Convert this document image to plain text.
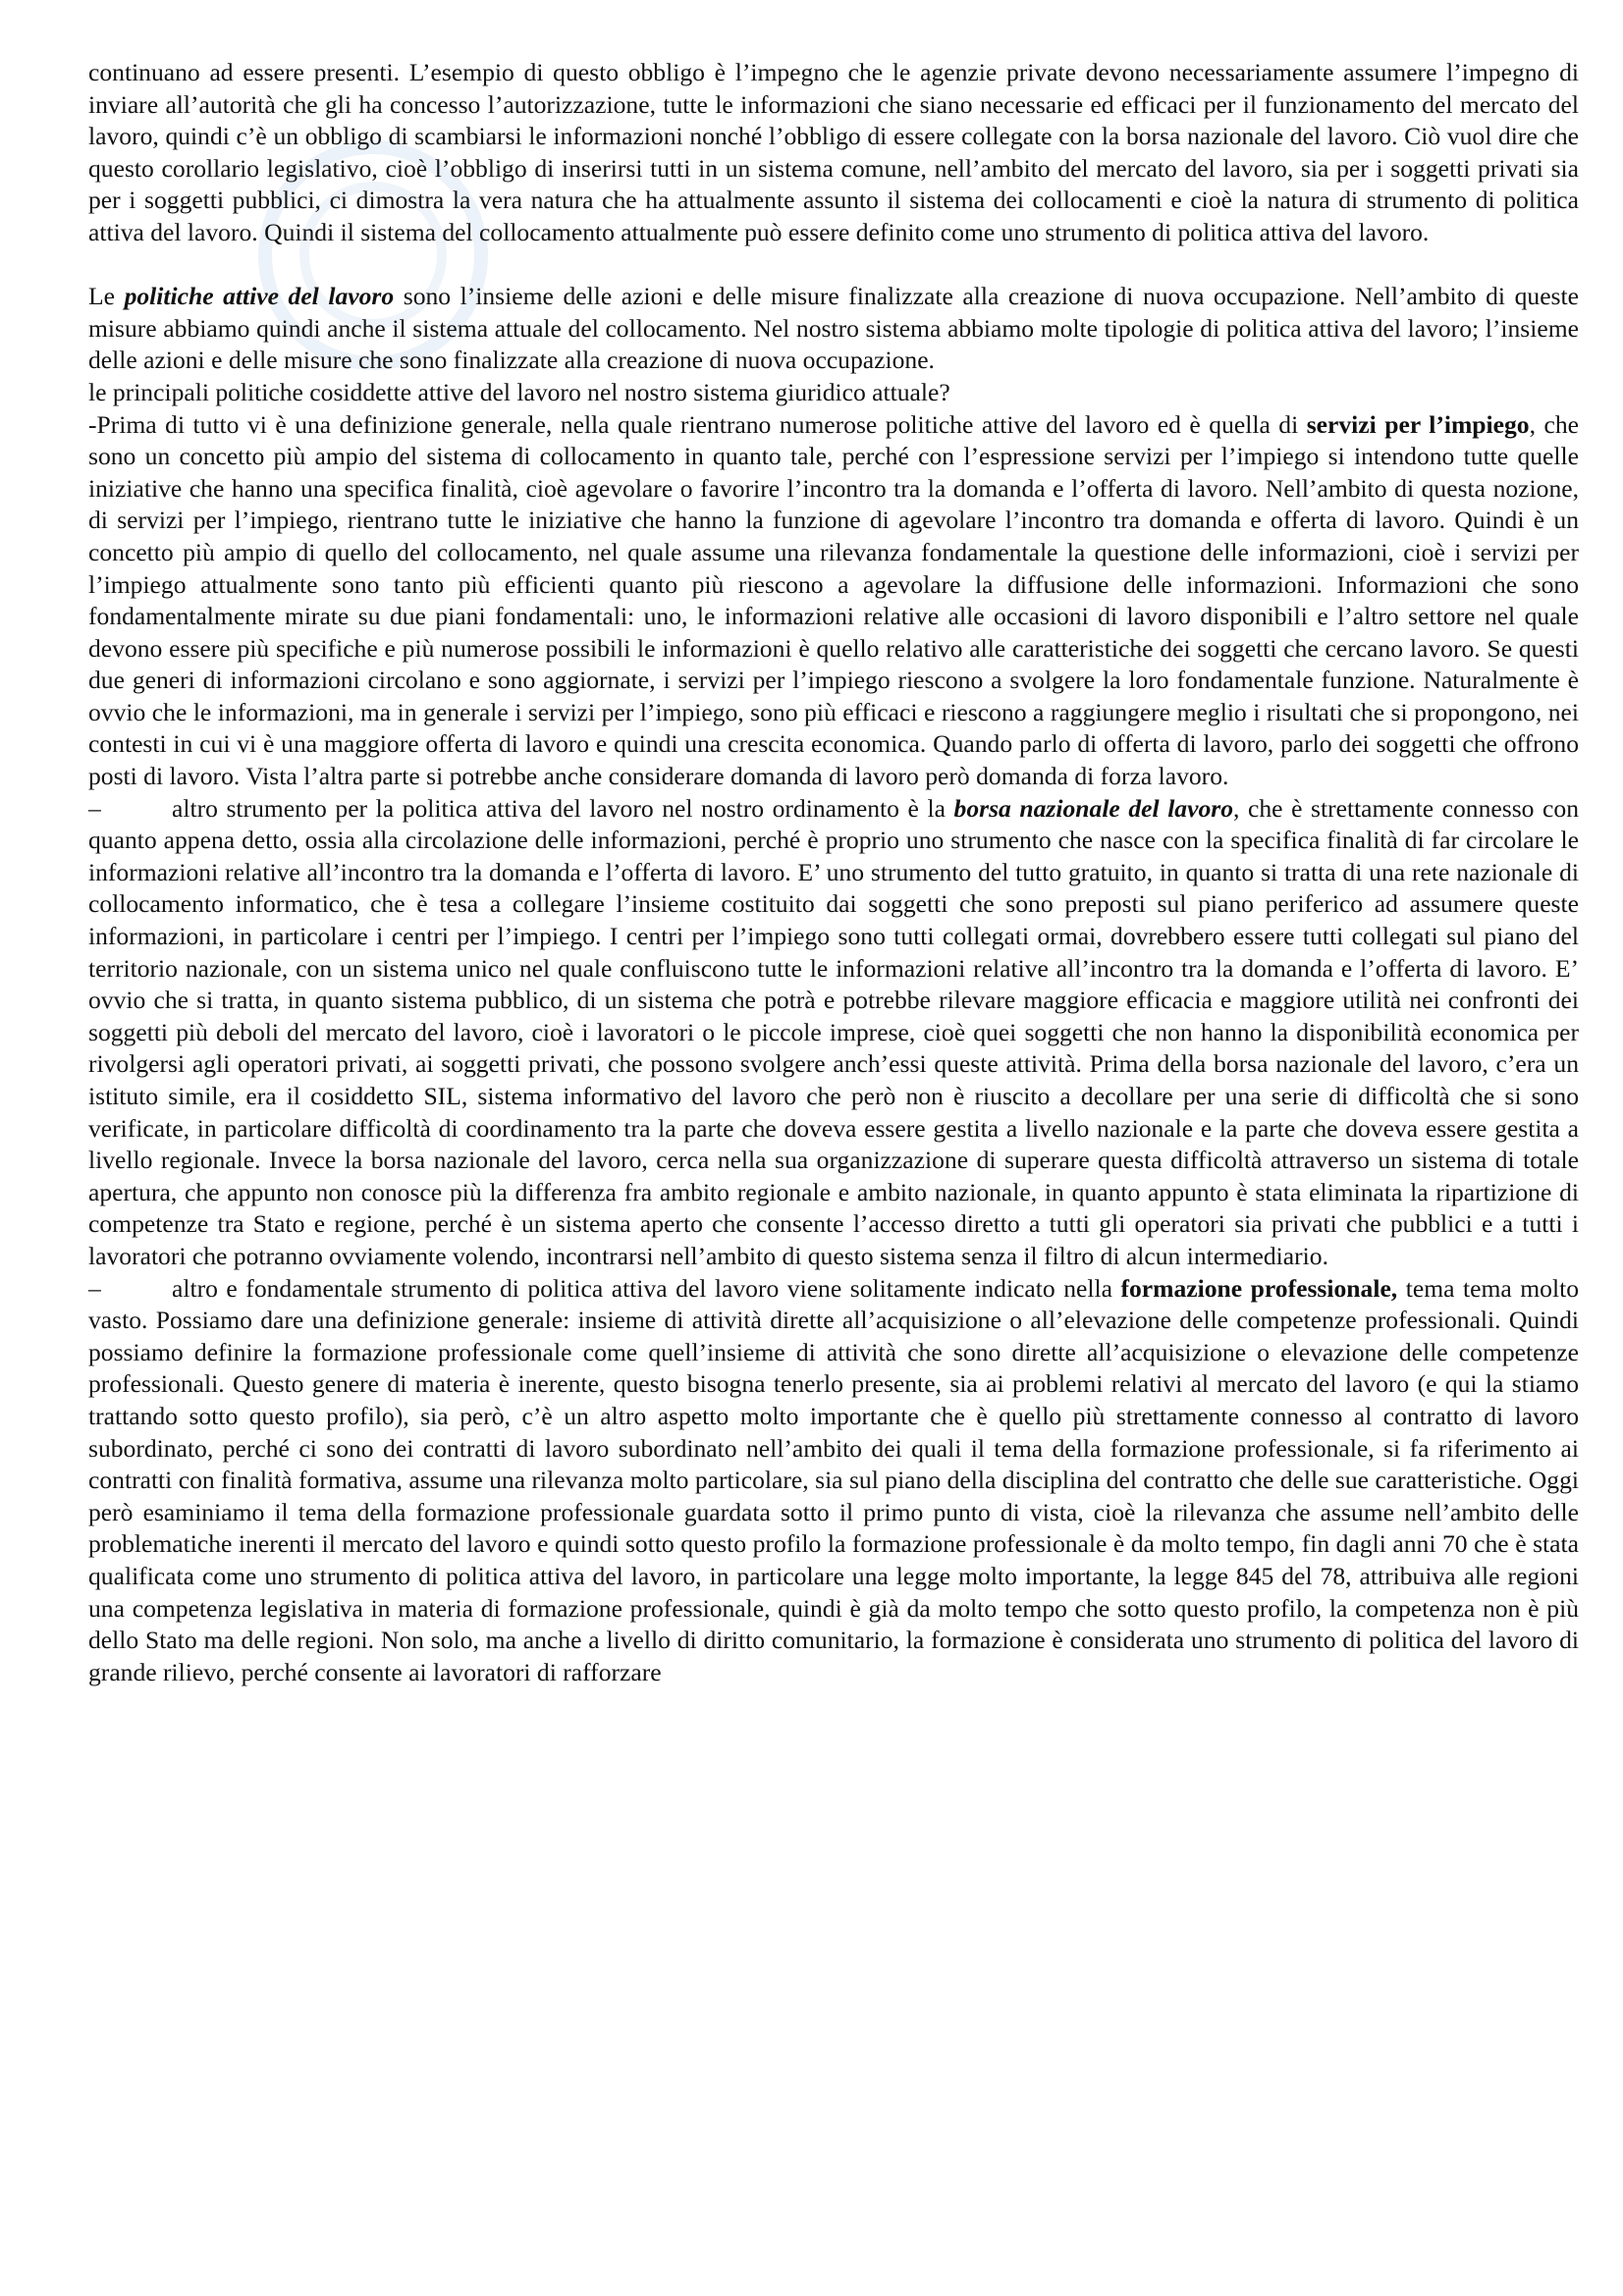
continuano ad essere presenti. L’esempio di questo obbligo è l’impegno che le agenzie private devono necessariamente assumere l’impegno di inviare all’autorità che gli ha concesso l’autorizzazione, tutte le informazioni che siano necessarie ed efficaci per il funzionamento del mercato del lavoro, quindi c’è un obbligo di scambiarsi le informazioni nonché l’obbligo di essere collegate con la borsa nazionale del lavoro. Ciò vuol dire che questo corollario legislativo, cioè l’obbligo di inserirsi tutti in un sistema comune, nell’ambito del mercato del lavoro, sia per i soggetti privati sia per i soggetti pubblici, ci dimostra la vera natura che ha attualmente assunto il sistema dei collocamenti e cioè la natura di strumento di politica attiva del lavoro. Quindi il sistema del collocamento attualmente può essere definito come uno strumento di politica attiva del lavoro.

Le politiche attive del lavoro sono l’insieme delle azioni e delle misure finalizzate alla creazione di nuova occupazione. Nell’ambito di queste misure abbiamo quindi anche il sistema attuale del collocamento. Nel nostro sistema abbiamo molte tipologie di politica attiva del lavoro; l’insieme delle azioni e delle misure che sono finalizzate alla creazione di nuova occupazione.

le principali politiche cosiddette attive del lavoro nel nostro sistema giuridico attuale?

-Prima di tutto vi è una definizione generale, nella quale rientrano numerose politiche attive del lavoro ed è quella di servizi per l’impiego, che sono un concetto più ampio del sistema di collocamento in quanto tale, perché con l’espressione servizi per l’impiego si intendono tutte quelle iniziative che hanno una specifica finalità, cioè agevolare o favorire l’incontro tra la domanda e l’offerta di lavoro. Nell’ambito di questa nozione, di servizi per l’impiego, rientrano tutte le iniziative che hanno la funzione di agevolare l’incontro tra domanda e offerta di lavoro. Quindi è un concetto più ampio di quello del collocamento, nel quale assume una rilevanza fondamentale la questione delle informazioni, cioè i servizi per l’impiego attualmente sono tanto più efficienti quanto più riescono a agevolare la diffusione delle informazioni. Informazioni che sono fondamentalmente mirate su due piani fondamentali: uno, le informazioni relative alle occasioni di lavoro disponibili e l’altro settore nel quale devono essere più specifiche e più numerose possibili le informazioni è quello relativo alle caratteristiche dei soggetti che cercano lavoro. Se questi due generi di informazioni circolano e sono aggiornate, i servizi per l’impiego riescono a svolgere la loro fondamentale funzione. Naturalmente è ovvio che le informazioni, ma in generale i servizi per l’impiego, sono più efficaci e riescono a raggiungere meglio i risultati che si propongono, nei contesti in cui vi è una maggiore offerta di lavoro e quindi una crescita economica. Quando parlo di offerta di lavoro, parlo dei soggetti che offrono posti di lavoro. Vista l’altra parte si potrebbe anche considerare domanda di lavoro però domanda di forza lavoro.

–	altro strumento per la politica attiva del lavoro nel nostro ordinamento è la borsa nazionale del lavoro, che è strettamente connesso con quanto appena detto, ossia alla circolazione delle informazioni, perché è proprio uno strumento che nasce con la specifica finalità di far circolare le informazioni relative all’incontro tra la domanda e l’offerta di lavoro. E’ uno strumento del tutto gratuito, in quanto si tratta di una rete nazionale di collocamento informatico, che è tesa a collegare l’insieme costituito dai soggetti che sono preposti sul piano periferico ad assumere queste informazioni, in particolare i centri per l’impiego. I centri per l’impiego sono tutti collegati ormai, dovrebbero essere tutti collegati sul piano del territorio nazionale, con un sistema unico nel quale confluiscono tutte le informazioni relative all’incontro tra la domanda e l’offerta di lavoro. E’ ovvio che si tratta, in quanto sistema pubblico, di un sistema che potrà e potrebbe rilevare maggiore efficacia e maggiore utilità nei confronti dei soggetti più deboli del mercato del lavoro, cioè i lavoratori o le piccole imprese, cioè quei soggetti che non hanno la disponibilità economica per rivolgersi agli operatori privati, ai soggetti privati, che possono svolgere anch’essi queste attività. Prima della borsa nazionale del lavoro, c’era un istituto simile, era il cosiddetto SIL, sistema informativo del lavoro che però non è riuscito a decollare per una serie di difficoltà che si sono verificate, in particolare difficoltà di coordinamento tra la parte che doveva essere gestita a livello nazionale e la parte che doveva essere gestita a livello regionale. Invece la borsa nazionale del lavoro, cerca nella sua organizzazione di superare questa difficoltà attraverso un sistema di totale apertura, che appunto non conosce più la differenza fra ambito regionale e ambito nazionale, in quanto appunto è stata eliminata la ripartizione di competenze tra Stato e regione, perché è un sistema aperto che consente l’accesso diretto a tutti gli operatori sia privati che pubblici e a tutti i lavoratori che potranno ovviamente volendo, incontrarsi nell’ambito di questo sistema senza il filtro di alcun intermediario.

–	altro e fondamentale strumento di politica attiva del lavoro viene solitamente indicato nella formazione professionale, tema tema molto vasto. Possiamo dare una definizione generale: insieme di attività dirette all’acquisizione o all’elevazione delle competenze professionali. Quindi possiamo definire la formazione professionale come quell’insieme di attività che sono dirette all’acquisizione o elevazione delle competenze professionali. Questo genere di materia è inerente, questo bisogna tenerlo presente, sia ai problemi relativi al mercato del lavoro (e qui la stiamo trattando sotto questo profilo), sia però, c’è un altro aspetto molto importante che è quello più strettamente connesso al contratto di lavoro subordinato, perché ci sono dei contratti di lavoro subordinato nell’ambito dei quali il tema della formazione professionale, si fa riferimento ai contratti con finalità formativa, assume una rilevanza molto particolare, sia sul piano della disciplina del contratto che delle sue caratteristiche. Oggi però esaminiamo il tema della formazione professionale guardata sotto il primo punto di vista, cioè la rilevanza che assume nell’ambito delle problematiche inerenti il mercato del lavoro e quindi sotto questo profilo la formazione professionale è da molto tempo, fin dagli anni 70 che è stata qualificata come uno strumento di politica attiva del lavoro, in particolare una legge molto importante, la legge 845 del 78, attribuiva alle regioni una competenza legislativa in materia di formazione professionale, quindi è già da molto tempo che sotto questo profilo, la competenza non è più dello Stato ma delle regioni. Non solo, ma anche a livello di diritto comunitario, la formazione è considerata uno strumento di politica del lavoro di grande rilievo, perché consente ai lavoratori di rafforzare
